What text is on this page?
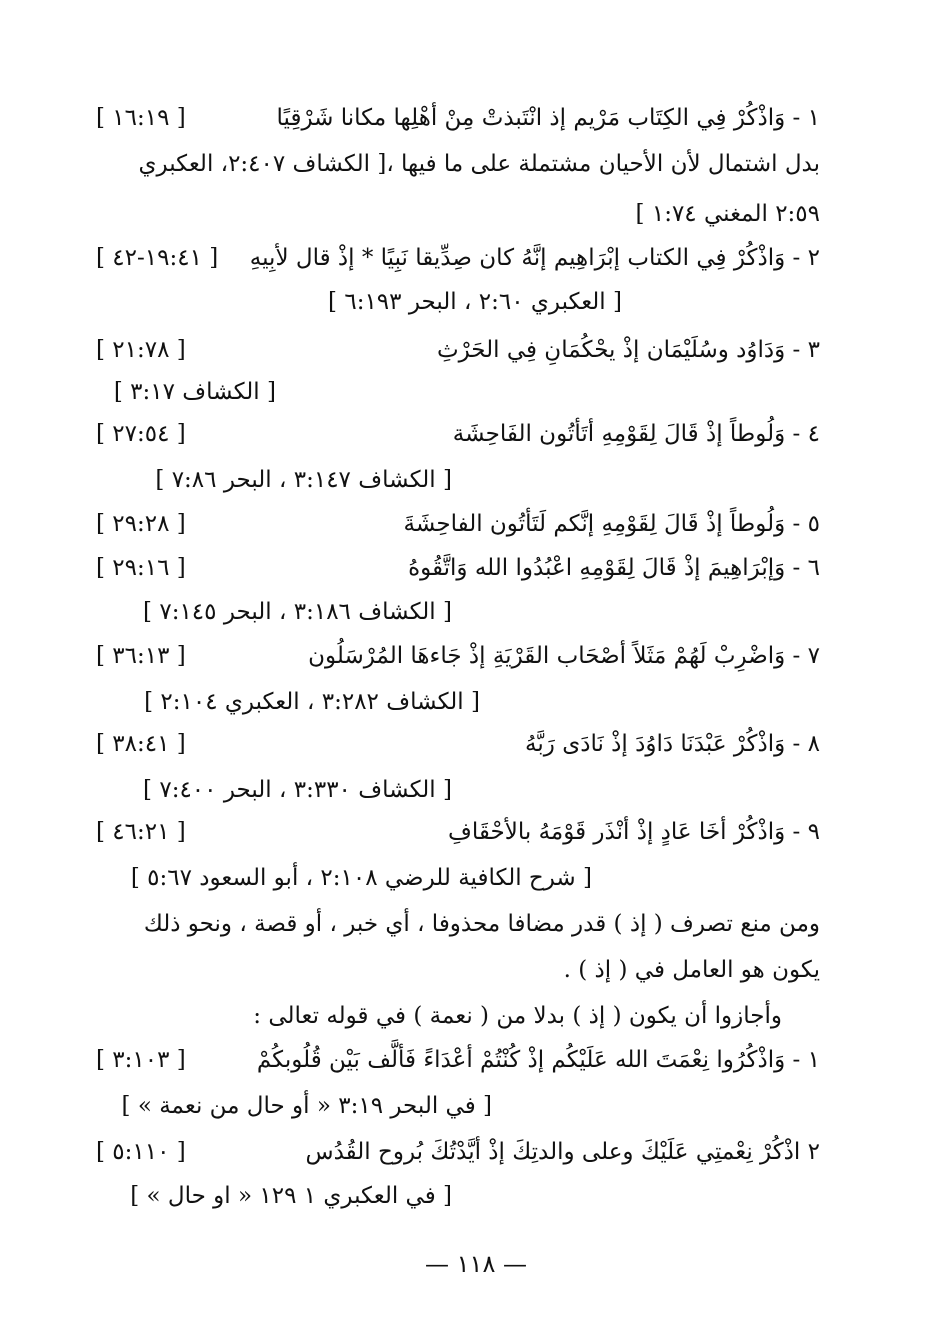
١ - وَاذْكُرْ فِي الكِتَاب مَرْيم إذ انْتَبذتْ مِنْ أهْلِها مكانا شَرْقِيًا
[ ١٦:١٩ ]
بدل اشتمال لأن الأحيان مشتملة على ما فيها ،[ الكشاف ٢:٤٠٧، العكبري
٢:٥٩ المغني ١:٧٤ ]
٢ - وَاذْكُرْ فِي الكتاب إبْرَاهِيم إنَّهُ كان صِدِّيقا نَبِيًا * إذْ قال لأبِيهِ
[ ١٩:٤١-٤٢ ]
[ العكبري ٢:٦٠ ، البحر ٦:١٩٣ ]
٣ - وَدَاوُد وسُلَيْمَان إذْ يحْكُمَانِ فِي الحَرْثِ
[ ٢١:٧٨ ]
[ الكشاف ٣:١٧ ]
٤ - وَلُوطاً إذْ قَالَ لِقَوْمِهِ أتَأتُون الفَاحِشَة
[ ٢٧:٥٤ ]
[ الكشاف ٣:١٤٧ ، البحر ٧:٨٦ ]
٥ - وَلُوطاً إذْ قَالَ لِقَوْمِهِ إنَّكم لَتَأتُون الفاحِشَةَ
[ ٢٩:٢٨ ]
٦ - وَإبْرَاهِيمَ إذْ قَالَ لِقَوْمِهِ اعْبُدُوا الله وَاتَّقُوهُ
[ ٢٩:١٦ ]
[ الكشاف ٣:١٨٦ ، البحر ٧:١٤٥ ]
٧ - وَاضْرِبْ لَهُمْ مَثَلاً أصْحَاب القَرْيَةِ إذْ جَاءهَا المُرْسَلُون
[ ٣٦:١٣ ]
[ الكشاف ٣:٢٨٢ ، العكبري ٢:١٠٤ ]
٨ - وَاذْكُرْ عَبْدَنَا دَاوُدَ إذْ نَادَى رَبَّهُ
[ ٣٨:٤١ ]
[ الكشاف ٣:٣٣٠ ، البحر ٧:٤٠٠ ]
٩ - وَاذْكُرْ أخَا عَادٍ إذْ أنْذَر قَوْمَهُ بالأحْقَافِ
[ ٤٦:٢١ ]
[ شرح الكافية للرضي ٢:١٠٨ ، أبو السعود ٥:٦٧ ]
ومن منع تصرف ( إذ ) قدر مضافا محذوفا ، أي خبر ، أو قصة ، ونحو ذلك
يكون هو العامل في ( إذ ) .
وأجازوا أن يكون ( إذ ) بدلا من ( نعمة ) في قوله تعالى :
١ - وَاذْكُرُوا نِعْمَتَ الله عَلَيْكُم إذْ كُنْتُمْ أعْدَاءً فَألَّف بَيْن قُلُوبكُمْ
[ ٣:١٠٣ ]
[ في البحر ٣:١٩ « أو حال من نعمة » ]
٢ اذْكُرْ نِعْمتِي عَلَيْكَ وعلى والدتِكَ إذْ أيَّدْتُكَ بُروح القُدُس
[ ٥:١١٠ ]
[ في العكبري ١ ١٢٩ « او حال » ]
— ١١٨ —
